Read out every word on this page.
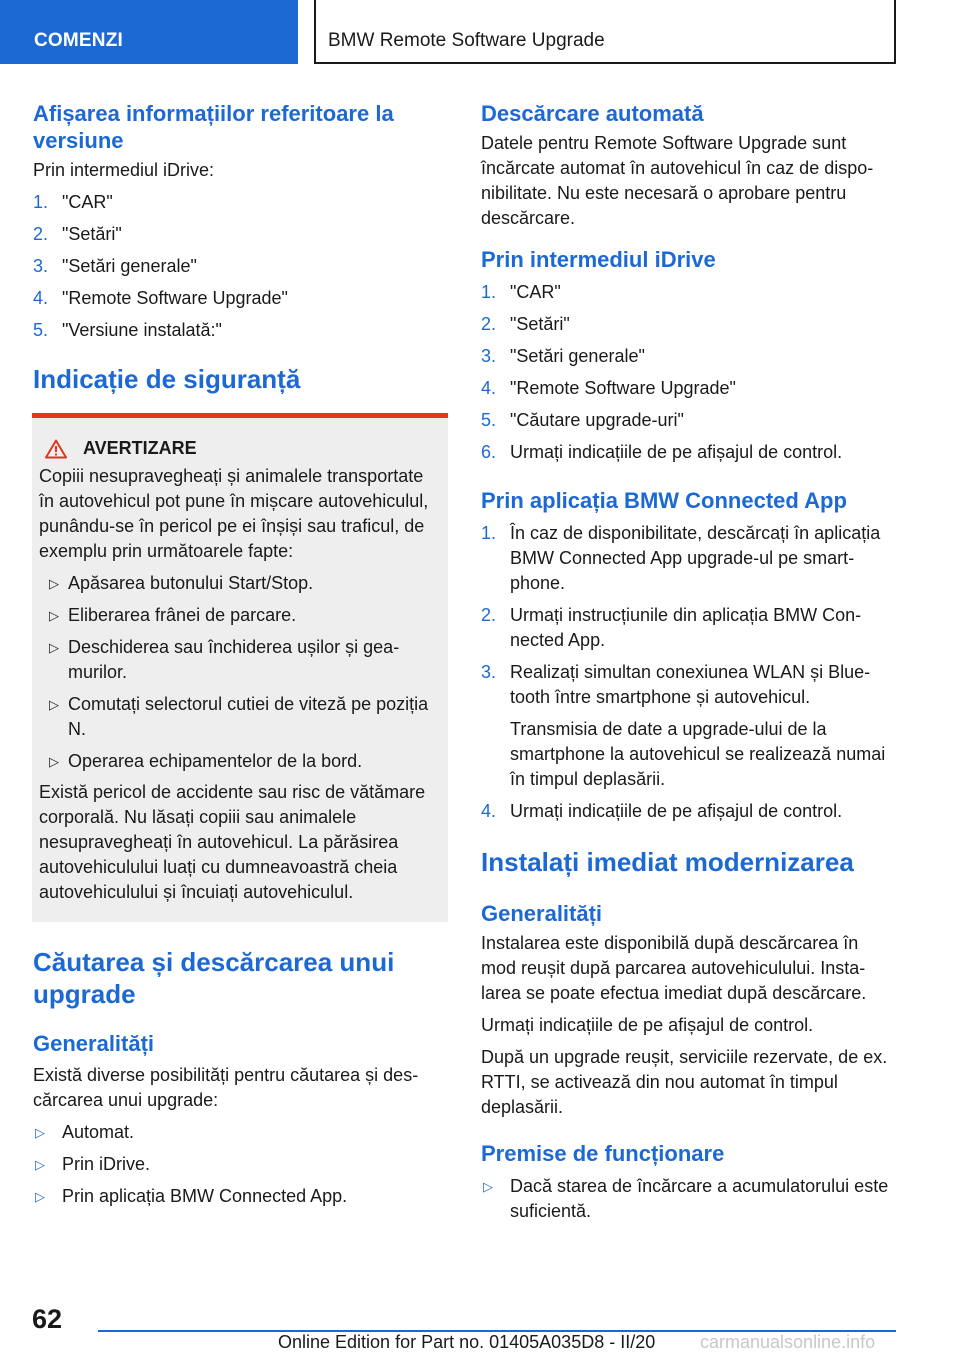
COMENZI	BMW Remote Software Upgrade
Afișarea informațiilor referitoare la versiune

Prin intermediul iDrive:

1. "CAR"
2. "Setări"
3. "Setări generale"
4. "Remote Software Upgrade"
5. "Versiune instalată:"
Indicație de siguranță
AVERTIZARE

Copiii nesupravegheați și animalele transportate în autovehicul pot pune în mișcare autovehiculul, punându-se în pericol pe ei înșiși sau traficul, de exemplu prin următoarele fapte:

▷ Apăsarea butonului Start/Stop.
▷ Eliberarea frânei de parcare.
▷ Deschiderea sau închiderea ușilor și geamurilor.
▷ Comutați selectorul cutiei de viteză pe poziția N.
▷ Operarea echipamentelor de la bord.

Există pericol de accidente sau risc de vătămare corporală. Nu lăsați copiii sau animalele nesupravegheați în autovehicul. La părăsirea autovehiculului luați cu dumneavoastră cheia autovehiculului și încuiați autovehiculul.

Căutarea și descărcarea unui upgrade
Generalități

Există diverse posibilități pentru căutarea și descărcarea unui upgrade:

▷ Automat.
▷ Prin iDrive.
▷ Prin aplicația BMW Connected App.
Descărcare automată

Datele pentru Remote Software Upgrade sunt încărcate automat în autovehicul în caz de disponibilitate. Nu este necesară o aprobare pentru descărcare.

Prin intermediul iDrive
1. "CAR"
2. "Setări"
3. "Setări generale"
4. "Remote Software Upgrade"
5. "Căutare upgrade-uri"
6. Urmați indicațiile de pe afișajul de control.
Prin aplicația BMW Connected App
1. În caz de disponibilitate, descărcați în aplicația BMW Connected App upgrade-ul pe smartphone.
2. Urmați instrucțiunile din aplicația BMW Connected App.
3. Realizați simultan conexiunea WLAN și Bluetooth între smartphone și autovehicul.
Transmisia de date a upgrade-ului de la smartphone la autovehicul se realizează numai în timpul deplasării.
4. Urmați indicațiile de pe afișajul de control.
Instalați imediat modernizarea
Generalități

Instalarea este disponibilă după descărcarea în mod reușit după parcarea autovehiculului. Instalarea se poate efectua imediat după descărcare.

Urmați indicațiile de pe afișajul de control.

După un upgrade reușit, serviciile rezervate, de ex. RTTI, se activează din nou automat în timpul deplasării.

Premise de funcționare
▷ Dacă starea de încărcare a acumulatorului este suficientă.
62
Online Edition for Part no. 01405A035D8 - II/20 carmanualsonline.info
